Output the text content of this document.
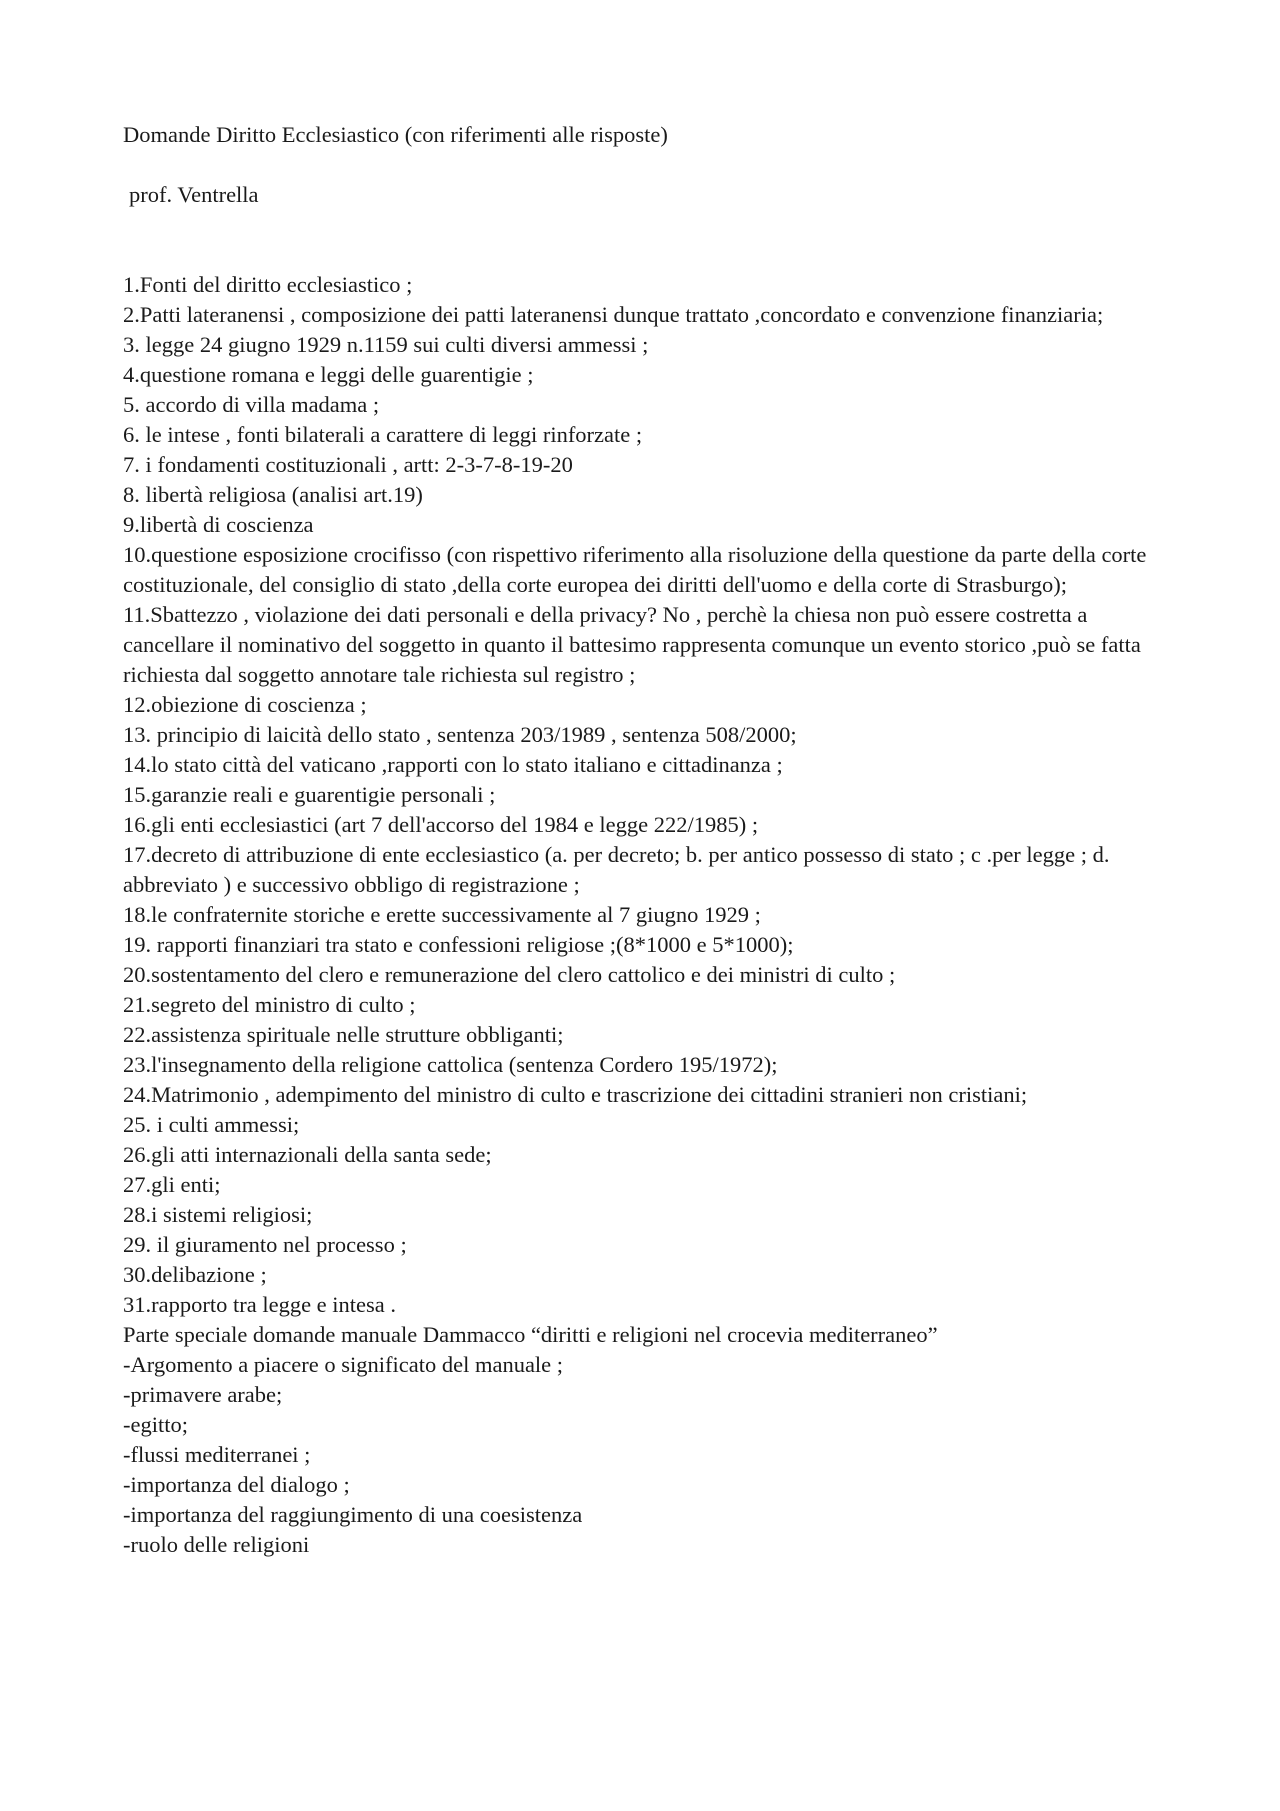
Domande Diritto Ecclesiastico (con riferimenti alle risposte)
prof. Ventrella
1.Fonti del diritto ecclesiastico ;
2.Patti lateranensi , composizione dei patti lateranensi dunque trattato ,concordato e convenzione finanziaria;
3. legge 24 giugno 1929 n.1159 sui culti diversi ammessi ;
4.questione romana e leggi delle guarentigie ;
5. accordo di villa madama ;
6. le intese , fonti bilaterali a carattere di leggi rinforzate ;
7. i fondamenti costituzionali , artt: 2-3-7-8-19-20
8. libertà religiosa (analisi art.19)
9.libertà di coscienza
10.questione esposizione crocifisso (con rispettivo riferimento alla risoluzione della questione da parte della corte costituzionale, del consiglio di stato ,della corte europea dei diritti dell'uomo e della corte di Strasburgo);
11.Sbattezzo , violazione dei dati personali e della privacy? No , perchè la chiesa non può essere costretta a cancellare il nominativo del soggetto in quanto il battesimo rappresenta comunque un evento storico ,può se fatta richiesta dal soggetto annotare tale richiesta sul registro ;
12.obiezione di coscienza ;
13. principio di laicità dello stato , sentenza 203/1989 , sentenza 508/2000;
14.lo stato città del vaticano ,rapporti con lo stato italiano e cittadinanza ;
15.garanzie reali e guarentigie personali ;
16.gli enti ecclesiastici (art 7 dell'accorso del 1984 e legge 222/1985) ;
17.decreto di attribuzione di ente ecclesiastico (a. per decreto; b. per antico possesso di stato ; c .per legge ; d. abbreviato ) e successivo obbligo di registrazione ;
18.le confraternite storiche e erette successivamente al 7 giugno 1929 ;
19. rapporti finanziari tra stato e confessioni religiose ;(8*1000 e 5*1000);
20.sostentamento del clero e remunerazione del clero cattolico e dei ministri di culto ;
21.segreto del ministro di culto ;
22.assistenza spirituale nelle strutture obbliganti;
23.l'insegnamento della religione cattolica (sentenza Cordero 195/1972);
24.Matrimonio , adempimento del ministro di culto e trascrizione dei cittadini stranieri non cristiani;
25. i culti ammessi;
26.gli atti internazionali della santa sede;
27.gli enti;
28.i sistemi religiosi;
29. il giuramento nel processo ;
30.delibazione ;
31.rapporto tra legge e intesa .
Parte speciale domande manuale Dammacco “diritti e religioni nel crocevia mediterraneo”
-Argomento a piacere o significato del manuale ;
-primavere arabe;
-egitto;
-flussi mediterranei ;
-importanza del dialogo ;
-importanza del raggiungimento di una coesistenza
-ruolo delle religioni
